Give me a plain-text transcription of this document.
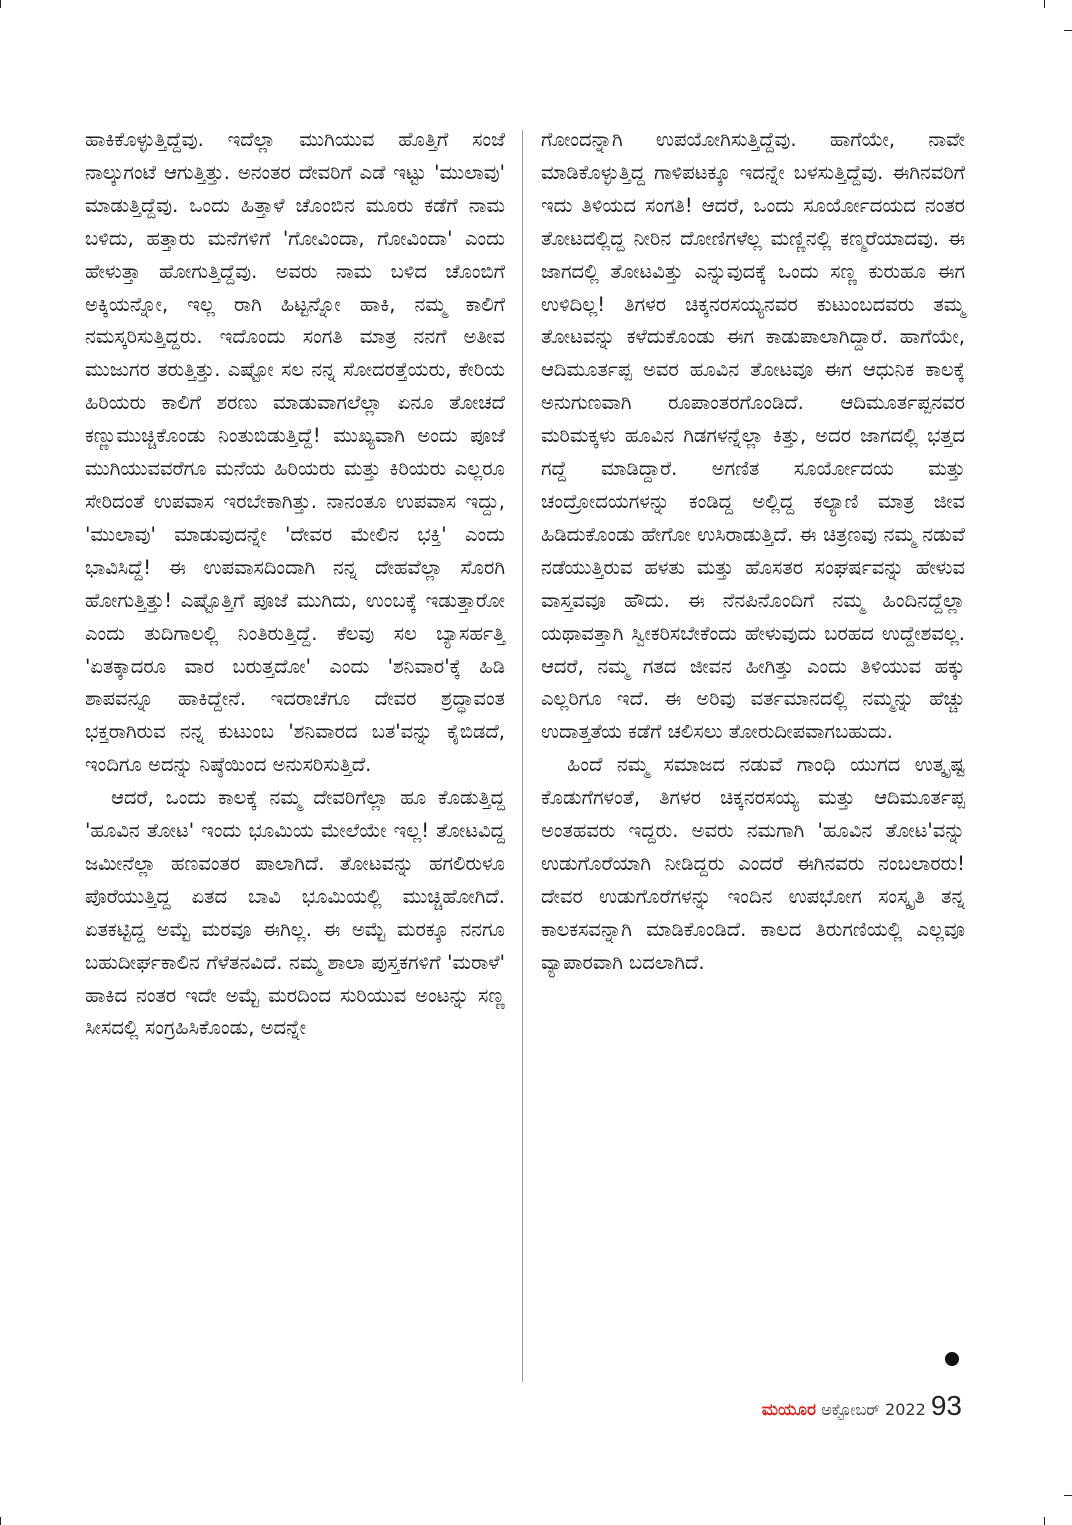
ಹಾಕಿಕೊಳ್ಳುತ್ತಿದ್ದೆವು. ಇದೆಲ್ಲಾ ಮುಗಿಯುವ ಹೊತ್ತಿಗೆ ಸಂಜೆ ನಾಲ್ಕುಗಂಟೆ ಆಗುತ್ತಿತ್ತು. ಅನಂತರ ದೇವರಿಗೆ ಎಡೆ ಇಟ್ಟು 'ಮುಲಾವು' ಮಾಡುತ್ತಿದ್ದೆವು. ಒಂದು ಹಿತ್ತಾಳೆ ಚೊಂಬಿನ ಮೂರು ಕಡೆಗೆ ನಾಮ ಬಳಿದು, ಹತ್ತಾರು ಮನೆಗಳಿಗೆ 'ಗೋವಿಂದಾ, ಗೋವಿಂದಾ' ಎಂದು ಹೇಳುತ್ತಾ ಹೋಗುತ್ತಿದ್ದೆವು. ಅವರು ನಾಮ ಬಳಿದ ಚೊಂಬಿಗೆ ಅಕ್ಕಿಯನ್ನೋ, ಇಲ್ಲ ರಾಗಿ ಹಿಟ್ಟನ್ನೋ ಹಾಕಿ, ನಮ್ಮ ಕಾಲಿಗೆ ನಮಸ್ಕರಿಸುತ್ತಿದ್ದರು. ಇದೊಂದು ಸಂಗತಿ ಮಾತ್ರ ನನಗೆ ಅತೀವ ಮುಜುಗರ ತರುತ್ತಿತ್ತು. ಎಷ್ಟೋ ಸಲ ನನ್ನ ಸೋದರತ್ತೆಯರು, ಕೇರಿಯ ಹಿರಿಯರು ಕಾಲಿಗೆ ಶರಣು ಮಾಡುವಾಗಲೆಲ್ಲಾ ಏನೂ ತೋಚದೆ ಕಣ್ಣುಮುಚ್ಚಿಕೊಂಡು ನಿಂತುಬಿಡುತ್ತಿದ್ದೆ! ಮುಖ್ಯವಾಗಿ ಅಂದು ಪೂಜೆ ಮುಗಿಯುವವರೆಗೂ ಮನೆಯ ಹಿರಿಯರು ಮತ್ತು ಕಿರಿಯರು ಎಲ್ಲರೂ ಸೇರಿದಂತೆ ಉಪವಾಸ ಇರಬೇಕಾಗಿತ್ತು. ನಾನಂತೂ ಉಪವಾಸ ಇದ್ದು, 'ಮುಲಾವು' ಮಾಡುವುದನ್ನೇ 'ದೇವರ ಮೇಲಿನ ಭಕ್ತಿ' ಎಂದು ಭಾವಿಸಿದ್ದೆ! ಈ ಉಪವಾಸದಿಂದಾಗಿ ನನ್ನ ದೇಹವೆಲ್ಲಾ ಸೊರಗಿ ಹೋಗುತ್ತಿತ್ತು! ಎಷ್ಟೊತ್ತಿಗೆ ಪೂಜೆ ಮುಗಿದು, ಉಂಬಕ್ಕೆ ಇಡುತ್ತಾರೋ ಎಂದು ತುದಿಗಾಲಲ್ಲಿ ನಿಂತಿರುತ್ತಿದ್ದೆ. ಕೆಲವು ಸಲ ಬ್ಯಾಸರ್ಹತ್ತಿ 'ಏತಕ್ಕಾದರೂ ವಾರ ಬರುತ್ತದೋ' ಎಂದು 'ಶನಿವಾರ'ಕ್ಕೆ ಹಿಡಿ ಶಾಪವನ್ನೂ ಹಾಕಿದ್ದೇನೆ. ಇದರಾಚೆಗೂ ದೇವರ ಶ್ರದ್ಧಾವಂತ ಭಕ್ತರಾಗಿರುವ ನನ್ನ ಕುಟುಂಬ 'ಶನಿವಾರದ ಬತ'ವನ್ನು ಕೈಬಿಡದೆ, ಇಂದಿಗೂ ಅದನ್ನು ನಿಷ್ಠೆಯಿಂದ ಅನುಸರಿಸುತ್ತಿದೆ.

ಆದರೆ, ಒಂದು ಕಾಲಕ್ಕೆ ನಮ್ಮ ದೇವರಿಗೆಲ್ಲಾ ಹೂ ಕೊಡುತ್ತಿದ್ದ 'ಹೂವಿನ ತೋಟ' ಇಂದು ಭೂಮಿಯ ಮೇಲೆಯೇ ಇಲ್ಲ! ತೋಟವಿದ್ದ ಜಮೀನೆಲ್ಲಾ ಹಣವಂತರ ಪಾಲಾಗಿದೆ. ತೋಟವನ್ನು ಹಗಲಿರುಳೂ ಪೊರೆಯುತ್ತಿದ್ದ ಏತದ ಬಾವಿ ಭೂಮಿಯಲ್ಲಿ ಮುಚ್ಚಿಹೋಗಿದೆ. ಏತಕಟ್ಟಿದ್ದ ಅಮ್ಟೆ ಮರವೂ ಈಗಿಲ್ಲ. ಈ ಅಮ್ಟೆ ಮರಕ್ಕೂ ನನಗೂ ಬಹುದೀರ್ಘಕಾಲಿನ ಗೆಳೆತನವಿದೆ. ನಮ್ಮ ಶಾಲಾ ಪುಸ್ತಕಗಳಿಗೆ 'ಮರಾಳೆ' ಹಾಕಿದ ನಂತರ ಇದೇ ಅಮ್ಟೆ ಮರದಿಂದ ಸುರಿಯುವ ಅಂಟನ್ನು ಸಣ್ಣ ಸೀಸದಲ್ಲಿ ಸಂಗ್ರಹಿಸಿಕೊಂಡು, ಅದನ್ನೇ

ಗೋಂದನ್ನಾಗಿ ಉಪಯೋಗಿಸುತ್ತಿದ್ದೆವು. ಹಾಗೆಯೇ, ನಾವೇ ಮಾಡಿಕೊಳ್ಳುತ್ತಿದ್ದ ಗಾಳಿಪಟಕ್ಕೂ ಇದನ್ನೇ ಬಳಸುತ್ತಿದ್ದೆವು. ಈಗಿನವರಿಗೆ ಇದು ತಿಳಿಯದ ಸಂಗತಿ! ಆದರೆ, ಒಂದು ಸೂರ್ಯೋದಯದ ನಂತರ ತೋಟದಲ್ಲಿದ್ದ ನೀರಿನ ದೋಣಿಗಳೆಲ್ಲ ಮಣ್ಣಿನಲ್ಲಿ ಕಣ್ಮರೆಯಾದವು. ಈ ಜಾಗದಲ್ಲಿ ತೋಟವಿತ್ತು ಎನ್ನುವುದಕ್ಕೆ ಒಂದು ಸಣ್ಣ ಕುರುಹೂ ಈಗ ಉಳಿದಿಲ್ಲ! ತಿಗಳರ ಚಿಕ್ಕನರಸಯ್ಯನವರ ಕುಟುಂಬದವರು ತಮ್ಮ ತೋಟವನ್ನು ಕಳೆದುಕೊಂಡು ಈಗ ಕಾಡುಪಾಲಾಗಿದ್ದಾರೆ. ಹಾಗೆಯೇ, ಆದಿಮೂರ್ತಪ್ಪ ಅವರ ಹೂವಿನ ತೋಟವೂ ಈಗ ಆಧುನಿಕ ಕಾಲಕ್ಕೆ ಅನುಗುಣವಾಗಿ ರೂಪಾಂತರಗೊಂಡಿದೆ. ಆದಿಮೂರ್ತಪ್ಪನವರ ಮರಿಮಕ್ಕಳು ಹೂವಿನ ಗಿಡಗಳನ್ನೆಲ್ಲಾ ಕಿತ್ತು, ಅದರ ಜಾಗದಲ್ಲಿ ಭತ್ತದ ಗದ್ದೆ ಮಾಡಿದ್ದಾರೆ. ಅಗಣಿತ ಸೂರ್ಯೋದಯ ಮತ್ತು ಚಂದ್ರೋದಯಗಳನ್ನು ಕಂಡಿದ್ದ ಅಲ್ಲಿದ್ದ ಕಲ್ಯಾಣಿ ಮಾತ್ರ ಜೀವ ಹಿಡಿದುಕೊಂಡು ಹೇಗೋ ಉಸಿರಾಡುತ್ತಿದೆ. ಈ ಚಿತ್ರಣವು ನಮ್ಮ ನಡುವೆ ನಡೆಯುತ್ತಿರುವ ಹಳತು ಮತ್ತು ಹೊಸತರ ಸಂಘರ್ಷವನ್ನು ಹೇಳುವ ವಾಸ್ತವವೂ ಹೌದು. ಈ ನೆನಪಿನೊಂದಿಗೆ ನಮ್ಮ ಹಿಂದಿನದ್ದೆಲ್ಲಾ ಯಥಾವತ್ತಾಗಿ ಸ್ವೀಕರಿಸಬೇಕೆಂದು ಹೇಳುವುದು ಬರಹದ ಉದ್ದೇಶವಲ್ಲ. ಆದರೆ, ನಮ್ಮ ಗತದ ಜೀವನ ಹೀಗಿತ್ತು ಎಂದು ತಿಳಿಯುವ ಹಕ್ಕು ಎಲ್ಲರಿಗೂ ಇದೆ. ಈ ಅರಿವು ವರ್ತಮಾನದಲ್ಲಿ ನಮ್ಮನ್ನು ಹೆಚ್ಚು ಉದಾತ್ತತೆಯ ಕಡೆಗೆ ಚಲಿಸಲು ತೋರುದೀಪವಾಗಬಹುದು.

ಹಿಂದೆ ನಮ್ಮ ಸಮಾಜದ ನಡುವೆ ಗಾಂಧಿ ಯುಗದ ಉತ್ಕೃಷ್ಟ ಕೊಡುಗೆಗಳಂತೆ, ತಿಗಳರ ಚಿಕ್ಕನರಸಯ್ಯ ಮತ್ತು ಆದಿಮೂರ್ತಪ್ಪ ಅಂತಹವರು ಇದ್ದರು. ಅವರು ನಮಗಾಗಿ 'ಹೂವಿನ ತೋಟ'ವನ್ನು ಉಡುಗೊರೆಯಾಗಿ ನೀಡಿದ್ದರು ಎಂದರೆ ಈಗಿನವರು ನಂಬಲಾರರು! ದೇವರ ಉಡುಗೊರೆಗಳನ್ನು ಇಂದಿನ ಉಪಭೋಗ ಸಂಸ್ಕೃತಿ ತನ್ನ ಕಾಲಕಸವನ್ನಾಗಿ ಮಾಡಿಕೊಂಡಿದೆ. ಕಾಲದ ತಿರುಗಣಿಯಲ್ಲಿ ಎಲ್ಲವೂ ವ್ಯಾಪಾರವಾಗಿ ಬದಲಾಗಿದೆ.

ಮಯೂರ ಅಕ್ಟೋಬರ್ 2022 93
